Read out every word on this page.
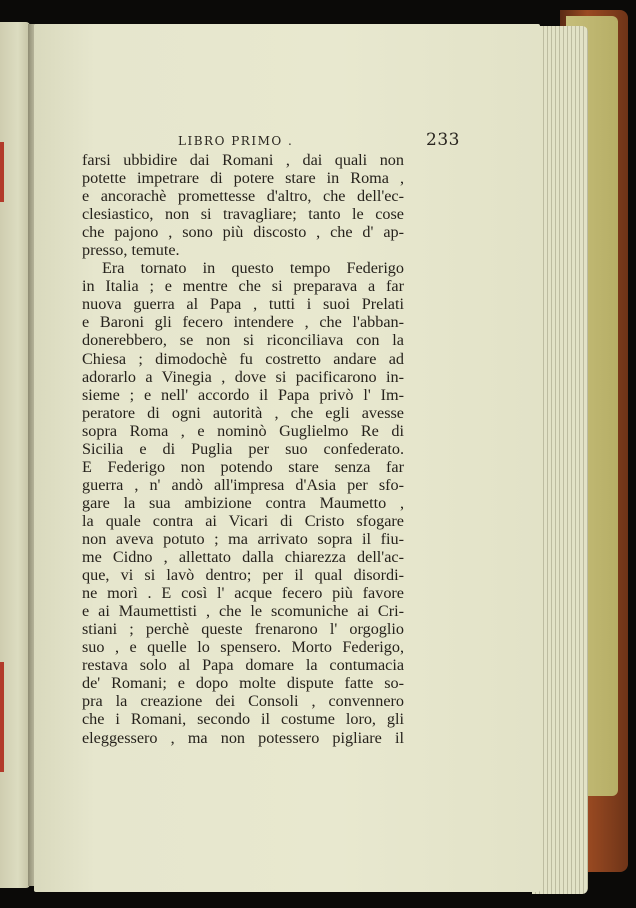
LIBRO PRIMO .	233
farsi ubbidire dai Romani , dai quali non
potette impetrare di potere stare in Roma ,
e ancorachè promettesse d'altro, che dell'ec-
clesiastico, non si travagliare; tanto le cose
che pajono , sono più discosto , che d' ap-
presso, temute.
Era tornato in questo tempo Federigo
in Italia ; e mentre che si preparava a far
nuova guerra al Papa , tutti i suoi Prelati
e Baroni gli fecero intendere , che l'abban-
donerebbero, se non si riconciliava con la
Chiesa ; dimodochè fu costretto andare ad
adorarlo a Vinegia , dove si pacificarono in-
sieme ; e nell' accordo il Papa privò l' Im-
peratore di ogni autorità , che egli avesse
sopra Roma , e nominò Guglielmo Re di
Sicilia e di Puglia per suo confederato.
E Federigo non potendo stare senza far
guerra , n' andò all'impresa d'Asia per sfo-
gare la sua ambizione contra Maumetto ,
la quale contra ai Vicari di Cristo sfogare
non aveva potuto ; ma arrivato sopra il fiu-
me Cidno , allettato dalla chiarezza dell'ac-
que, vi si lavò dentro; per il qual disordi-
ne morì . E così l' acque fecero più favore
e ai Maumettisti , che le scomuniche ai Cri-
stiani ; perchè queste frenarono l' orgoglio
suo , e quelle lo spensero. Morto Federigo,
restava solo al Papa domare la contumacia
de' Romani; e dopo molte dispute fatte so-
pra la creazione dei Consoli , convennero
che i Romani, secondo il costume loro, gli
eleggessero , ma non potessero pigliare il
